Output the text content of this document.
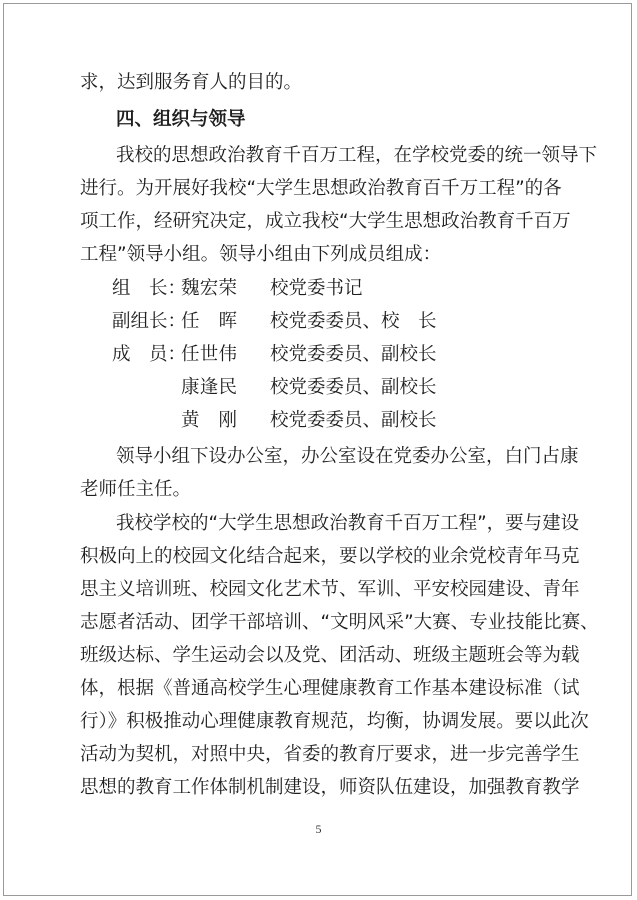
求，达到服务育人的目的。
四、组织与领导
我校的思想政治教育千百万工程，在学校党委的统一领导下
进行。为开展好我校“大学生思想政治教育百千万工程”的各
项工作，经研究决定，成立我校“大学生思想政治教育千百万
工程”领导小组。领导小组由下列成员组成：
组　长：
魏宏荣 校党委书记
副组长：
任　晖 校党委委员、校　长
成　员：
任世伟 校党委委员、副校长
康逢民 校党委委员、副校长
黄　刚 校党委委员、副校长
领导小组下设办公室，办公室设在党委办公室，白门占康
老师任主任。
我校学校的“大学生思想政治教育千百万工程”，要与建设
积极向上的校园文化结合起来，要以学校的业余党校青年马克
思主义培训班、校园文化艺术节、军训、平安校园建设、青年
志愿者活动、团学干部培训、“文明风采”大赛、专业技能比赛、
班级达标、学生运动会以及党、团活动、班级主题班会等为载
体，根据《普通高校学生心理健康教育工作基本建设标准（试
行）》积极推动心理健康教育规范，均衡，协调发展。要以此次
活动为契机，对照中央，省委的教育厅要求，进一步完善学生
思想的教育工作体制机制建设，师资队伍建设，加强教育教学
5
